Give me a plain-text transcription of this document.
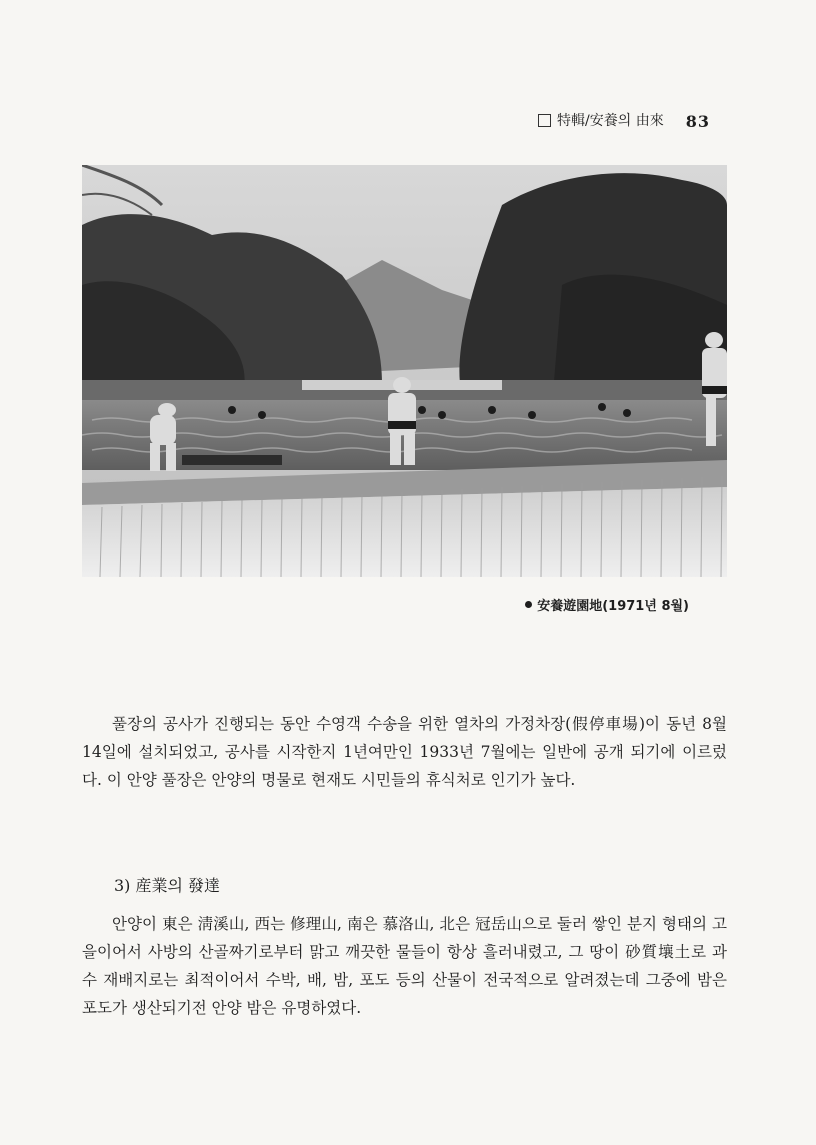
特輯/安養의 由來 83
安養遊園地(1971년 8월)

풀장의 공사가 진행되는 동안 수영객 수송을 위한 열차의 가정차장(假停車場)이 동년 8월 14일에 설치되었고, 공사를 시작한지 1년여만인 1933년 7월에는 일반에 공개 되기에 이르렀다. 이 안양 풀장은 안양의 명물로 현재도 시민들의 휴식처로 인기가 높다.

3) 産業의 發達

안양이 東은 淸溪山, 西는 修理山, 南은 慕洛山, 北은 冠岳山으로 둘러 쌓인 분지 형태의 고을이어서 사방의 산골짜기로부터 맑고 깨끗한 물들이 항상 흘러내렸고, 그 땅이 砂質壤土로 과수 재배지로는 최적이어서 수박, 배, 밤, 포도 등의 산물이 전국적으로 알려졌는데 그중에 밤은 포도가 생산되기전 안양 밤은 유명하였다.
